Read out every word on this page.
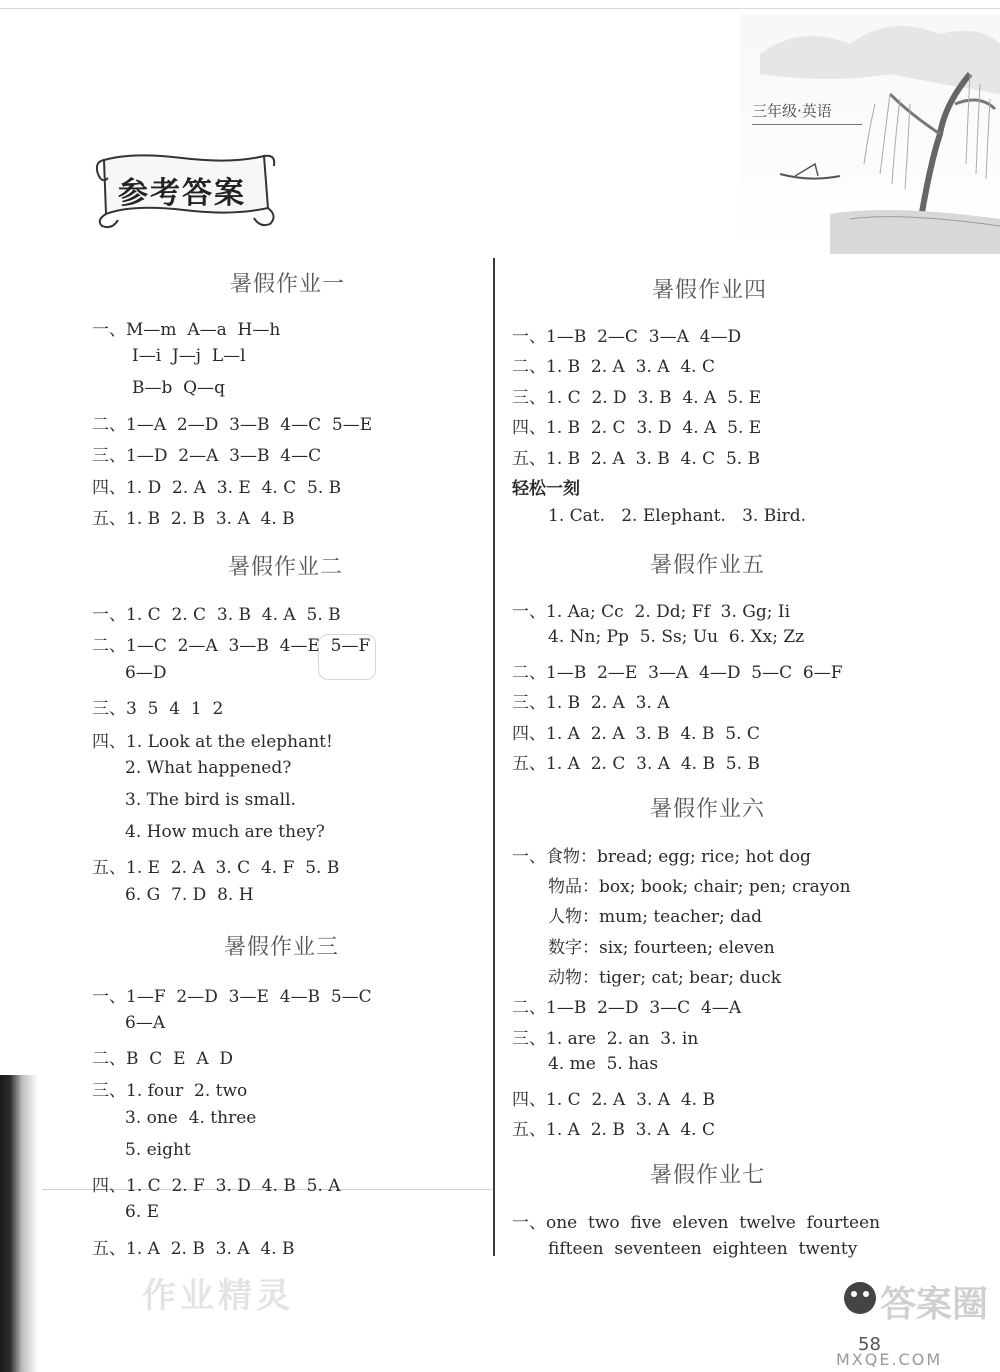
三年级·英语
参考答案
暑假作业一
一、M—m  A—a  H—h
I—i  J—j  L—l
B—b  Q—q
二、1—A  2—D  3—B  4—C  5—E
三、1—D  2—A  3—B  4—C
四、1. D  2. A  3. E  4. C  5. B
五、1. B  2. B  3. A  4. B
暑假作业二
一、1. C  2. C  3. B  4. A  5. B
二、1—C  2—A  3—B  4—E  5—F
6—D
三、3  5  4  1  2
四、1. Look at the elephant!
2. What happened?
3. The bird is small.
4. How much are they?
五、1. E  2. A  3. C  4. F  5. B
6. G  7. D  8. H
暑假作业三
一、1—F  2—D  3—E  4—B  5—C
6—A
二、B  C  E  A  D
三、1. four  2. two
3. one  4. three
5. eight
四、1. C  2. F  3. D  4. B  5. A
6. E
五、1. A  2. B  3. A  4. B
作业精灵
暑假作业四
一、1—B  2—C  3—A  4—D
二、1. B  2. A  3. A  4. C
三、1. C  2. D  3. B  4. A  5. E
四、1. B  2. C  3. D  4. A  5. E
五、1. B  2. A  3. B  4. C  5. B
轻松一刻
1. Cat.   2. Elephant.   3. Bird.
暑假作业五
一、1. Aa; Cc  2. Dd; Ff  3. Gg; Ii
4. Nn; Pp  5. Ss; Uu  6. Xx; Zz
二、1—B  2—E  3—A  4—D  5—C  6—F
三、1. B  2. A  3. A
四、1. A  2. A  3. B  4. B  5. C
五、1. A  2. C  3. A  4. B  5. B
暑假作业六
一、食物：bread; egg; rice; hot dog
物品：box; book; chair; pen; crayon
人物：mum; teacher; dad
数字：six; fourteen; eleven
动物：tiger; cat; bear; duck
二、1—B  2—D  3—C  4—A
三、1. are  2. an  3. in
4. me  5. has
四、1. C  2. A  3. A  4. B
五、1. A  2. B  3. A  4. C
暑假作业七
一、one  two  five  eleven  twelve  fourteen
fifteen  seventeen  eighteen  twenty
答案圈
58
MXQE.COM
